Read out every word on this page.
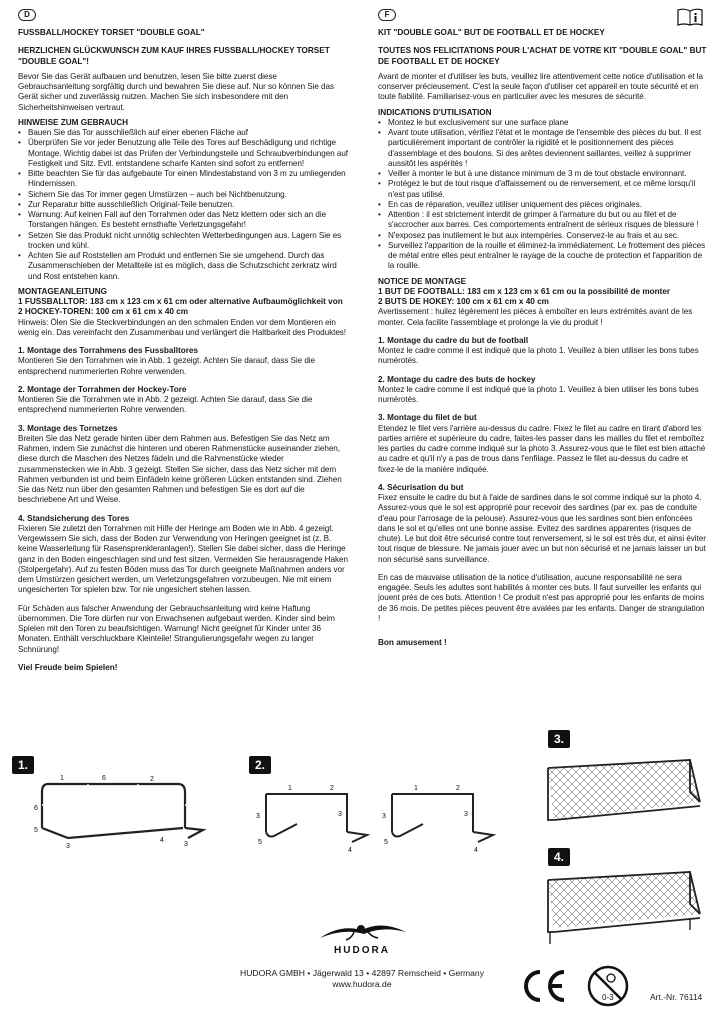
D	F

FUSSBALL/HOCKEY TORSET "DOUBLE GOAL"

HERZLICHEN GLÜCKWUNSCH ZUM KAUF IHRES FUSSBALL/HOCKEY TORSET "DOUBLE GOAL"!

Bevor Sie das Gerät aufbauen und benutzen, lesen Sie bitte zuerst diese Gebrauchsanleitung sorgfältig durch und bewahren Sie diese auf. Nur so können Sie das Gerät sicher und zuverlässig nutzen. Machen Sie sich insbesondere mit den Sicherheitshinweisen vertraut.

HINWEISE ZUM GEBRAUCH

• Bauen Sie das Tor ausschließlich auf einer ebenen Fläche auf
• Überprüfen Sie vor jeder Benutzung alle Teile des Tores auf Beschädigung und richtige Montage. Wichtig dabei ist das Prüfen der Verbindungsteile und Schraubverbindungen auf Festigkeit und Sitz. Evtl. entstandene scharfe Kanten sind sofort zu entfernen!
• Bitte beachten Sie für das aufgebaute Tor einen Mindestabstand von 3 m zu umliegenden Hindernissen.
• Sichern Sie das Tor immer gegen Umstürzen – auch bei Nichtbenutzung.
• Zur Reparatur bitte ausschließlich Original-Teile benutzen.
• Warnung: Auf keinen Fall auf den Torrahmen oder das Netz klettern oder sich an die Torstangen hängen. Es besteht ernsthafte Verletzungsgefahr!
• Setzen Sie das Produkt nicht unnötig schlechten Wetterbedingungen aus. Lagern Sie es trocken und kühl.
• Achten Sie auf Roststellen am Produkt und entfernen Sie sie umgehend. Durch das Zusammenschieben der Metallteile ist es möglich, dass die Schutzschicht zerkratz wird und Rost entstehen kann.

MONTAGEANLEITUNG

1 FUSSBALLTOR: 183 cm x 123 cm x 61 cm oder alternative Aufbaumöglichkeit von

2 HOCKEY-TOREN: 100 cm x 61 cm x 40 cm

Hinweis: Ölen Sie die Steckverbindungen an den schmalen Enden vor dem Montieren ein wenig ein. Das vereinfacht den Zusammenbau und verlängert die Haltbarkeit des Produktes!

1. Montage des Torrahmens des Fussballtores

Montieren Sie den Torrahmen wie in Abb. 1 gezeigt. Achten Sie darauf, dass Sie die entsprechend nummerierten Rohre verwenden.

2. Montage der Torrahmen der Hockey-Tore

Montieren Sie die Torrahmen wie in Abb. 2 gezeigt. Achten Sie darauf, dass Sie die entsprechend nummerierten Rohre verwenden.

3. Montage des Tornetzes

Breiten Sie das Netz gerade hinten über dem Rahmen aus. Befestigen Sie das Netz am Rahmen, indem Sie zunächst die hinteren und oberen Rahmenstücke auseinander ziehen, diese durch die Maschen des Netzes fädeln und die Rahmenstücke wieder zusammenstecken wie in Abb. 3 gezeigt. Stellen Sie sicher, dass das Netz sicher mit dem Rahmen verbunden ist und beim Einfädeln keine größeren Lücken entstanden sind. Ziehen Sie das Netz nun über den gesamten Rahmen und befestigen Sie es dort auf die beschriebene Art und Weise.

4. Standsicherung des Tores

Fixieren Sie zuletzt den Torrahmen mit Hilfe der Heringe am Boden wie in Abb. 4 gezeigt. Vergewissern Sie sich, dass der Boden zur Verwendung von Heringen geeignet ist (z. B. keine Wasserleitung für Rasensprenkleranlagen!). Stellen Sie dabei sicher, dass die Heringe ganz in den Boden eingeschlagen sind und fest sitzen. Vermeiden Sie herausragende Haken (Stolpergefahr). Auf zu festen Böden muss das Tor durch geeignete Maßnahmen anders vor dem Umstürzen gesichert werden, um Verletzungsgefahren vorzubeugen. Nie mit einem ungesicherten Tor spielen bzw. Tor nie ungesichert stehen lassen.

Für Schäden aus falscher Anwendung der Gebrauchsanleitung wird keine Haftung übernommen. Die Tore dürfen nur von Erwachsenen aufgebaut werden. Kinder sind beim Spielen mit den Toren zu beaufsichtigen. Warnung! Nicht geeignet für Kinder unter 36 Monaten. Enthält verschluckbare Kleinteile! Strangulierungsgefahr wegen zu langer Schnürung!

Viel Freude beim Spielen!

KIT "DOUBLE GOAL" BUT DE FOOTBALL ET DE HOCKEY

TOUTES NOS FELICITATIONS POUR L'ACHAT DE VOTRE KIT "DOUBLE GOAL" BUT DE FOOTBALL ET DE HOCKEY

Avant de monter et d'utiliser les buts, veuillez lire attentivement cette notice d'utilisation et la conserver précieusement. C'est la seule façon d'utiliser cet appareil en toute sécurité et en toute fiabilité. Familiarisez-vous en particulier avec les mesures de sécurité.

INDICATIONS D'UTILISATION

• Montez le but exclusivement sur une surface plane
• Avant toute utilisation, vérifiez l'état et le montage de l'ensemble des pièces du but. Il est particulièrement important de contrôler la rigidité et le positionnement des pièces d'assemblage et des boulons. Si des arêtes deviennent saillantes, veillez à supprimer aussitôt les aspérités !
• Veiller à monter le but à une distance minimum de 3 m de tout obstacle environnant.
• Protégez le but de tout risque d'affaissement ou de renversement, et ce même lorsqu'il n'est pas utilisé.
• En cas de réparation, veuillez utiliser uniquement des pièces originales.
• Attention : il est strictement interdit de grimper à l'armature du but ou au filet et de s'accrocher aux barres. Ces comportements entraînent de sérieux risques de blessure !
• N'exposez pas inutilement le but aux intempéries. Conservez-le au frais et au sec.
• Surveillez l'apparition de la rouille et éliminez-la immédiatement. Le frottement des pièces de métal entre elles peut entraîner le rayage de la couche de protection et l'apparition de la rouille.

NOTICE DE MONTAGE

1 BUT DE FOOTBALL: 183 cm x 123 cm x 61 cm ou la possibilité de monter

2 BUTS DE HOKEY: 100 cm x 61 cm x 40 cm

Avertissement : huilez légèrement les pièces à emboîter en leurs extrémités avant de les monter. Cela facilite l'assemblage et prolonge la vie du produit !

1. Montage du cadre du but de football

Montez le cadre comme il est indiqué que la photo 1. Veuillez à bien utiliser les bons tubes numérotés.

2. Montage du cadre des buts de hockey

Montez le cadre comme il est indiqué que la photo 1. Veuillez à bien utiliser les bons tubes numérotés.

3. Montage du filet de but

Etendez le filet vers l'arrière au-dessus du cadre. Fixez le filet au cadre en tirant d'abord les parties arrière et supérieure du cadre, faites-les passer dans les mailles du filet et remboîtez les parties du cadre comme indiqué sur la photo 3. Assurez-vous que le filet est bien attaché au cadre et qu'il n'y a pas de trous dans l'enfilage. Passez le filet au-dessus du cadre et fixez-le de la manière indiquée.

4. Sécurisation du but

Fixez ensuite le cadre du but à l'aide de sardines dans le sol comme indiqué sur la photo 4. Assurez-vous que le sol est approprié pour recevoir des sardines (par ex. pas de conduite d'eau pour l'arrosage de la pelouse). Assurez-vous que les sardines sont bien enfoncées dans le sol et qu'elles ont une bonne assise. Evitez des sardines apparentes (risques de chute). Le but doit être sécurisé contre tout renversement, si le sol est très dur, et ainsi éviter tout risque de blessure. Ne jamais jouer avec un but non sécurisé et ne jamais laisser un but non sécurisé sans surveillance.

En cas de mauvaise utilisation de la notice d'utilisation, aucune responsabilité ne sera engagée. Seuls les adultes sont habilités à monter ces buts. Il faut surveiller les enfants qui jouent près de ces buts. Attention ! Ce produit n'est pas approprié pour les enfants de moins de 36 mois. De petites pièces peuvent être avalées par les enfants. Danger de strangulation !

Bon amusement !

1.
1	6	2
6
5
3
4
3
2.
1	2
3	3
5
4
1	2
3	3
5
4
3.
4.
HUDORA
HUDORA GMBH • Jägerwald 13 • 42897 Remscheid • Germany
www.hudora.de
0-3	Art.-Nr. 76114
